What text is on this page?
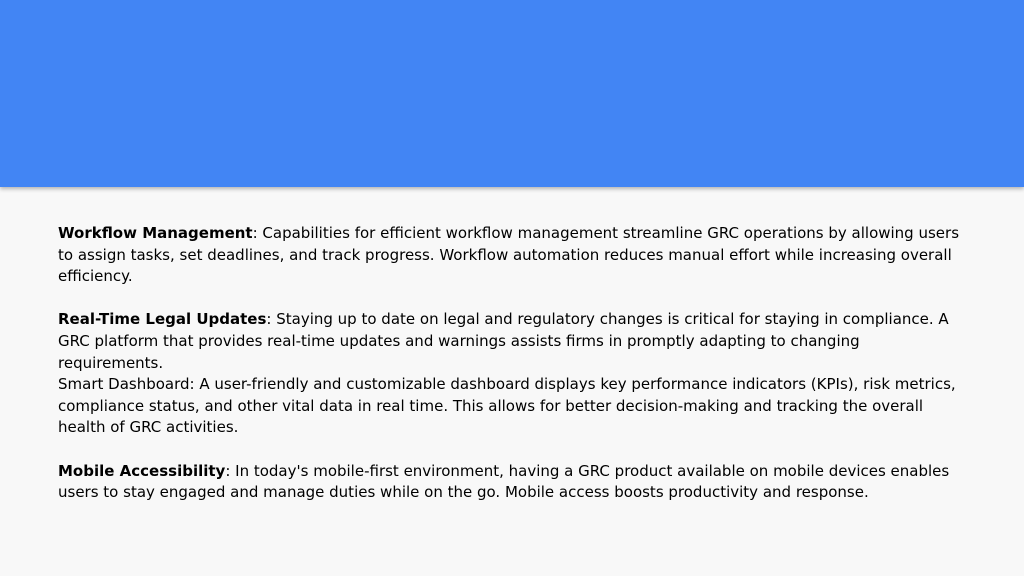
Workflow Management: Capabilities for efficient workflow management streamline GRC operations by allowing users to assign tasks, set deadlines, and track progress. Workflow automation reduces manual effort while increasing overall efficiency.

Real-Time Legal Updates: Staying up to date on legal and regulatory changes is critical for staying in compliance. A GRC platform that provides real-time updates and warnings assists firms in promptly adapting to changing requirements.

Smart Dashboard: A user-friendly and customizable dashboard displays key performance indicators (KPIs), risk metrics, compliance status, and other vital data in real time. This allows for better decision-making and tracking the overall health of GRC activities.

Mobile Accessibility: In today's mobile-first environment, having a GRC product available on mobile devices enables users to stay engaged and manage duties while on the go. Mobile access boosts productivity and response.
